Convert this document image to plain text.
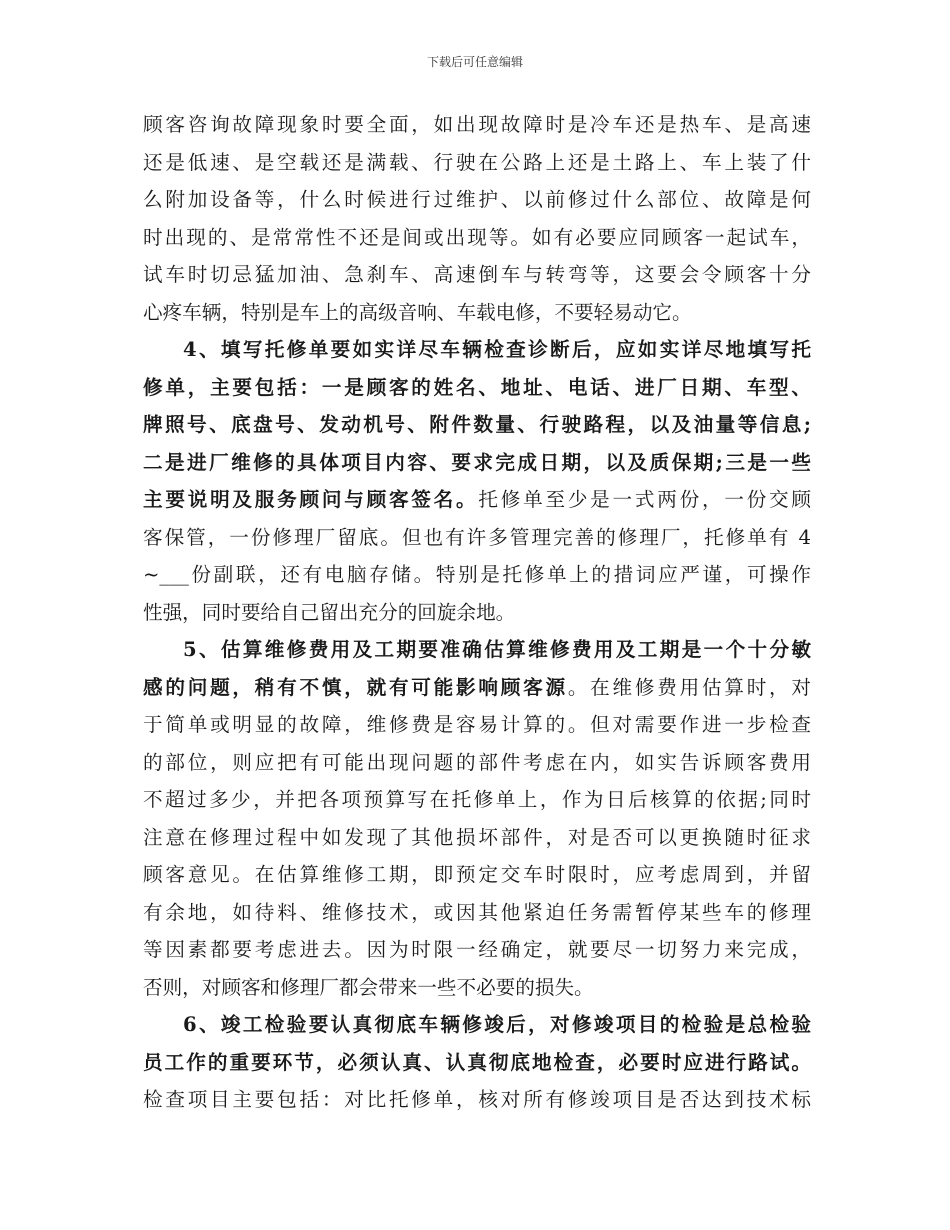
下载后可任意编辑
顾客咨询故障现象时要全面，如出现故障时是冷车还是热车、是高速
还是低速、是空载还是满载、行驶在公路上还是土路上、车上装了什
么附加设备等，什么时候进行过维护、以前修过什么部位、故障是何
时出现的、是常常性不还是间或出现等。如有必要应同顾客一起试车，
试车时切忌猛加油、急刹车、高速倒车与转弯等，这要会令顾客十分
心疼车辆，特别是车上的高级音响、车载电修，不要轻易动它。
4、填写托修单要如实详尽车辆检查诊断后，应如实详尽地填写托
修单，主要包括：一是顾客的姓名、地址、电话、进厂日期、车型、
牌照号、底盘号、发动机号、附件数量、行驶路程，以及油量等信息;
二是进厂维修的具体项目内容、要求完成日期，以及质保期;三是一些
主要说明及服务顾问与顾客签名。托修单至少是一式两份，一份交顾
客保管，一份修理厂留底。但也有许多管理完善的修理厂，托修单有 4
~___份副联，还有电脑存储。特别是托修单上的措词应严谨，可操作
性强，同时要给自己留出充分的回旋余地。
5、估算维修费用及工期要准确估算维修费用及工期是一个十分敏
感的问题，稍有不慎，就有可能影响顾客源。在维修费用估算时，对
于简单或明显的故障，维修费是容易计算的。但对需要作进一步检查
的部位，则应把有可能出现问题的部件考虑在内，如实告诉顾客费用
不超过多少，并把各项预算写在托修单上，作为日后核算的依据;同时
注意在修理过程中如发现了其他损坏部件，对是否可以更换随时征求
顾客意见。在估算维修工期，即预定交车时限时，应考虑周到，并留
有余地，如待料、维修技术，或因其他紧迫任务需暂停某些车的修理
等因素都要考虑进去。因为时限一经确定，就要尽一切努力来完成，
否则，对顾客和修理厂都会带来一些不必要的损失。
6、竣工检验要认真彻底车辆修竣后，对修竣项目的检验是总检验
员工作的重要环节，必须认真、认真彻底地检查，必要时应进行路试。
检查项目主要包括：对比托修单，核对所有修竣项目是否达到技术标
